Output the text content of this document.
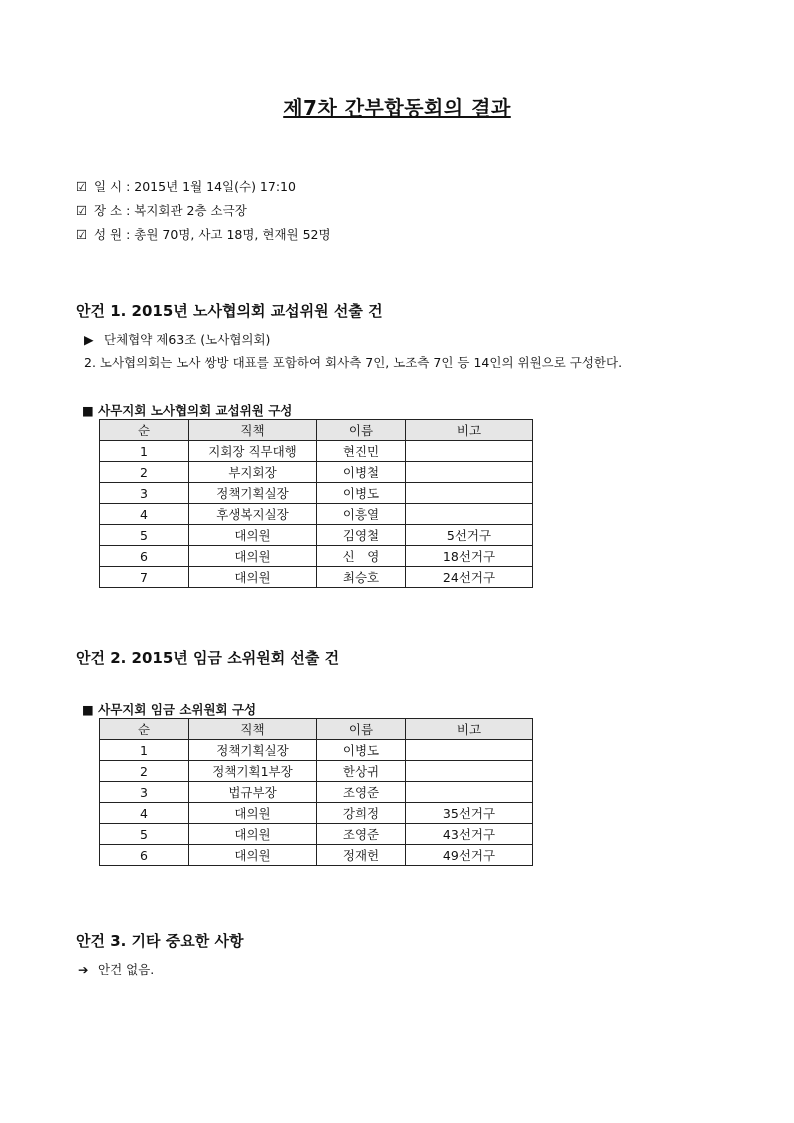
제7차 간부합동회의 결과
☑ 일 시 : 2015년 1월 14일(수) 17:10
☑ 장 소 : 복지회관 2층 소극장
☑ 성 원 : 총원 70명, 사고 18명, 현재원 52명
안건 1. 2015년 노사협의회 교섭위원 선출 건
▶ 단체협약 제63조 (노사협의회)
2. 노사협의회는 노사 쌍방 대표를 포함하여 회사측 7인, 노조측 7인 등 14인의 위원으로 구성한다.
■ 사무지회 노사협의회 교섭위원 구성
순	직책	이름	비고
1	지회장 직무대행	현진민	
2	부지회장	이병철	
3	정책기획실장	이병도	
4	후생복지실장	이흥열	
5	대의원	김영철	5선거구
6	대의원	신　영	18선거구
7	대의원	최승호	24선거구
안건 2. 2015년 임금 소위원회 선출 건
■ 사무지회 임금 소위원회 구성
순	직책	이름	비고
1	정책기획실장	이병도	
2	정책기획1부장	한상귀	
3	법규부장	조영준	
4	대의원	강희정	35선거구
5	대의원	조영준	43선거구
6	대의원	정재헌	49선거구
안건 3. 기타 중요한 사항
➔ 안건 없음.
